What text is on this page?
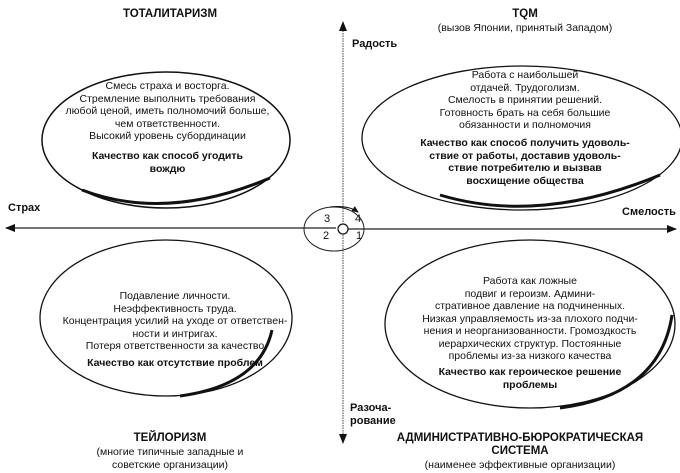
Радость
Страх	Смелость
Разоча-
рование
1
2
3 4
ТОТАЛИТАРИЗМ
Смесь страха и восторга.
Стремление выполнить требования
любой ценой, иметь полномочий больше,
чем ответственности.
Высокий уровень субординации
Качество как способ угодить
вождю
TQM
(вызов Японии, принятый Западом)
Работа с наибольшей
отдачей. Трудоголизм.
Смелость в принятии решений.
Готовность брать на себя большие
обязанности и полномочия
Качество как способ получить удоволь-
ствие от работы, доставив удоволь-
ствие потребителю и вызвав
восхищение общества
Подавление личности.
Неэффективность труда.
Концентрация усилий на уходе от ответствен-
ности и интригах.
Потеря ответственности за качество
Качество как отсутствие проблем
ТЕЙЛОРИЗМ
(многие типичные западные и
советские организации)
Работа как ложные
подвиг и героизм. Админи-
стративное давление на подчиненных.
Низкая управляемость из-за плохого подчи-
нения и неорганизованности. Громоздкость
иерархических структур. Постоянные
проблемы из-за низкого качества
Качество как героическое решение
проблемы
АДМИНИСТРАТИВНО-БЮРОКРАТИЧЕСКАЯ
СИСТЕМА
(наименее эффективные организации)
